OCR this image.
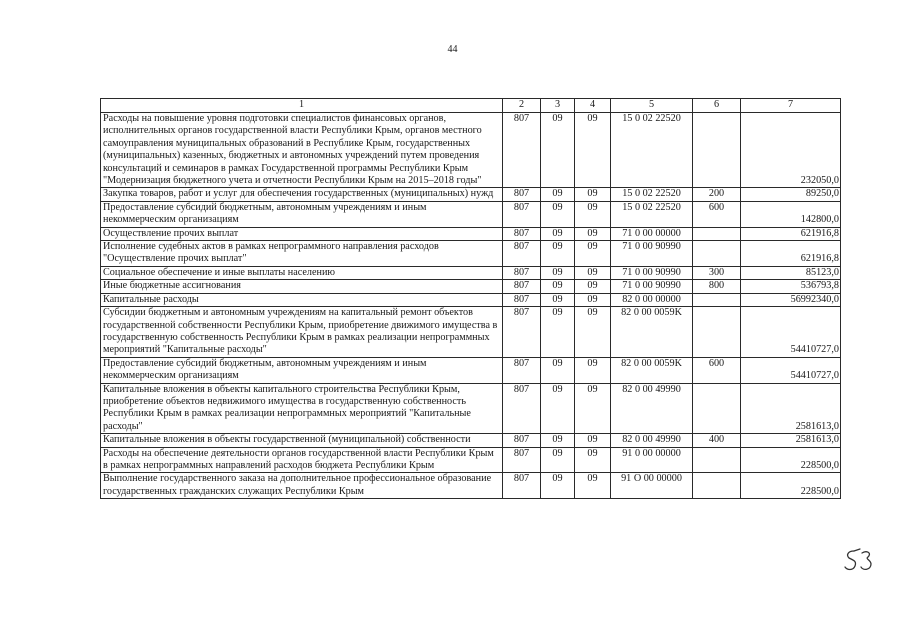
44
1	2	3	4	5	6	7
Расходы на повышение уровня подготовки специалистов финансовых органов, исполнительных органов государственной власти Республики Крым, органов местного самоуправления муниципальных образований в Республике Крым, государственных (муниципальных) казенных, бюджетных и автономных учреждений путем проведения консультаций и семинаров в рамках Государственной программы Республики Крым "Модернизация бюджетного учета и отчетности Республики Крым на 2015–2018 годы"	807	09	09	15 0 02 22520		232050,0
Закупка товаров, работ и услуг для обеспечения государственных (муниципальных) нужд	807	09	09	15 0 02 22520	200	89250,0
Предоставление субсидий бюджетным, автономным учреждениям и иным некоммерческим организациям	807	09	09	15 0 02 22520	600	142800,0
Осуществление прочих выплат	807	09	09	71 0 00 00000		621916,8
Исполнение судебных актов в рамках непрограммного направления расходов "Осуществление прочих выплат"	807	09	09	71 0 00 90990		621916,8
Социальное обеспечение и иные выплаты населению	807	09	09	71 0 00 90990	300	85123,0
Иные бюджетные ассигнования	807	09	09	71 0 00 90990	800	536793,8
Капитальные расходы	807	09	09	82 0 00 00000		56992340,0
Субсидии бюджетным и автономным учреждениям на капитальный ремонт объектов государственной собственности Республики Крым, приобретение движимого имущества в государственную собственность Республики Крым в рамках реализации непрограммных мероприятий "Капитальные расходы"	807	09	09	82 0 00 0059K		54410727,0
Предоставление субсидий бюджетным, автономным учреждениям и иным некоммерческим организациям	807	09	09	82 0 00 0059K	600	54410727,0
Капитальные вложения в объекты капитального строительства Республики Крым, приобретение объектов недвижимого имущества в государственную собственность Республики Крым в рамках реализации непрограммных мероприятий "Капитальные расходы"	807	09	09	82 0 00 49990		2581613,0
Капитальные вложения в объекты государственной (муниципальной) собственности	807	09	09	82 0 00 49990	400	2581613,0
Расходы на обеспечение деятельности органов государственной власти Республики Крым в рамках непрограммных направлений расходов бюджета Республики Крым	807	09	09	91 0 00 00000		228500,0
Выполнение государственного заказа на дополнительное профессиональное образование государственных гражданских служащих Республики Крым	807	09	09	91 O 00 00000		228500,0
